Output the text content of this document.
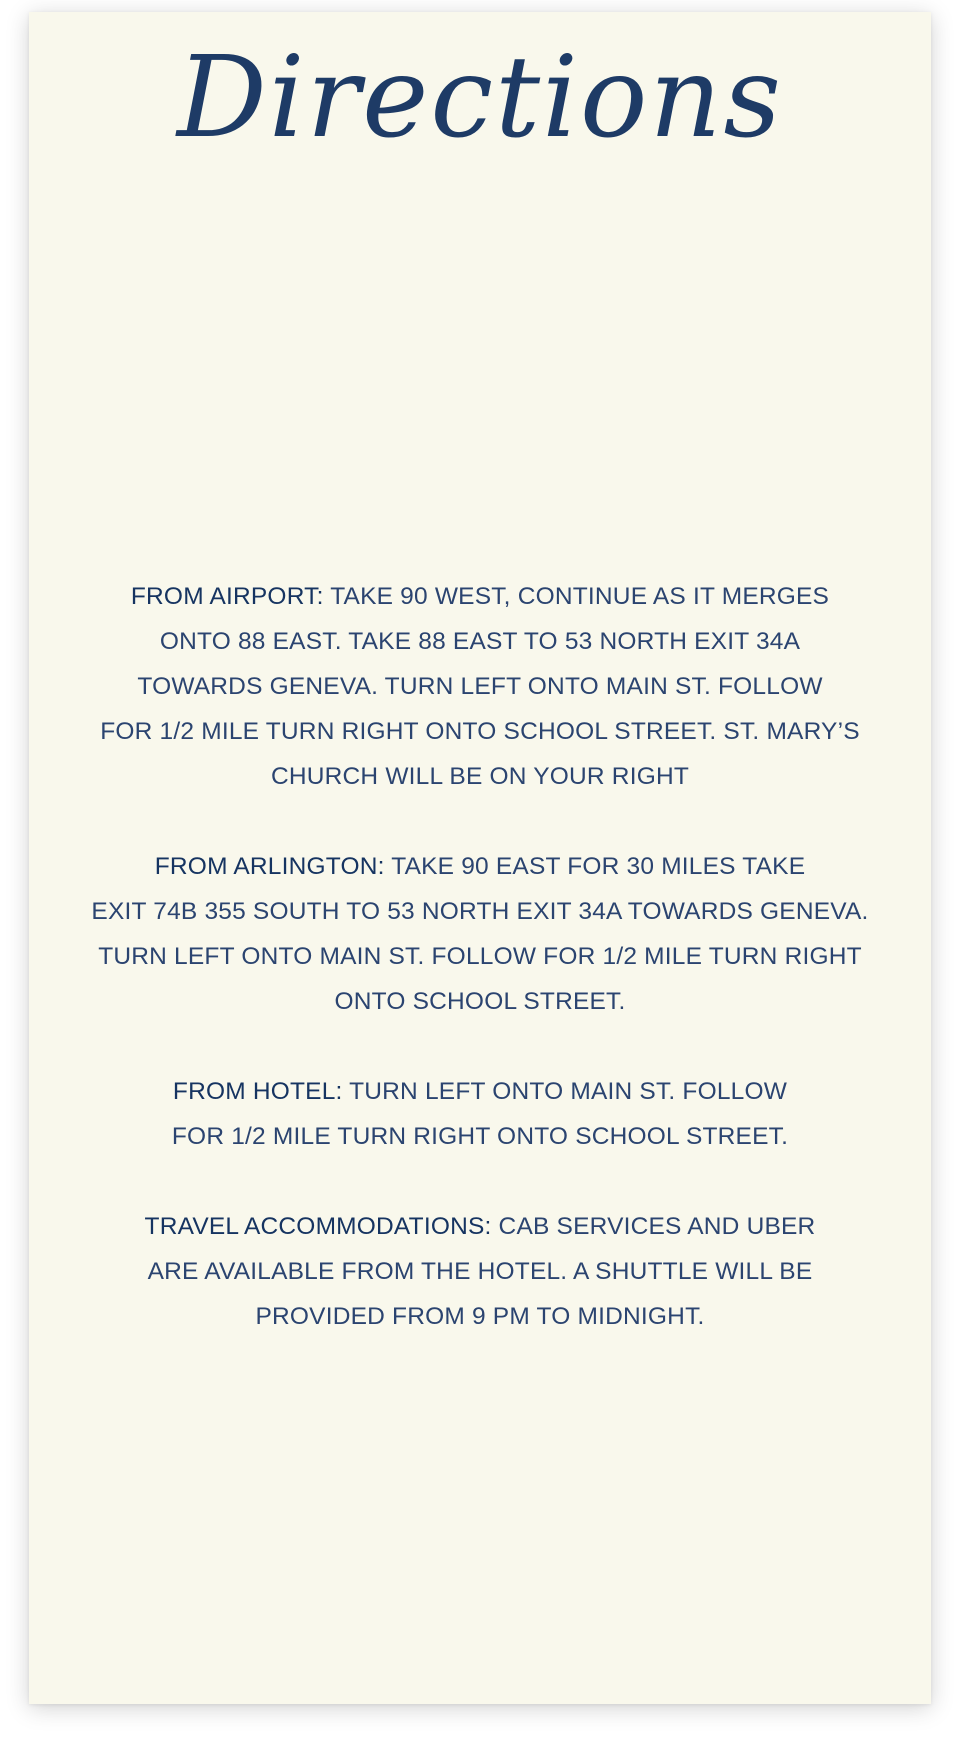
Directions
FROM AIRPORT: TAKE 90 WEST, CONTINUE AS IT MERGES
ONTO 88 EAST. TAKE 88 EAST TO 53 NORTH EXIT 34A
TOWARDS GENEVA. TURN LEFT ONTO MAIN ST. FOLLOW
FOR 1/2 MILE TURN RIGHT ONTO SCHOOL STREET. ST. MARY’S
CHURCH WILL BE ON YOUR RIGHT
FROM ARLINGTON: TAKE 90 EAST FOR 30 MILES TAKE
EXIT 74B 355 SOUTH TO 53 NORTH EXIT 34A TOWARDS GENEVA.
TURN LEFT ONTO MAIN ST. FOLLOW FOR 1/2 MILE TURN RIGHT
ONTO SCHOOL STREET.
FROM HOTEL: TURN LEFT ONTO MAIN ST. FOLLOW
FOR 1/2 MILE TURN RIGHT ONTO SCHOOL STREET.
TRAVEL ACCOMMODATIONS: CAB SERVICES AND UBER
ARE AVAILABLE FROM THE HOTEL. A SHUTTLE WILL BE
PROVIDED FROM 9 PM TO MIDNIGHT.
